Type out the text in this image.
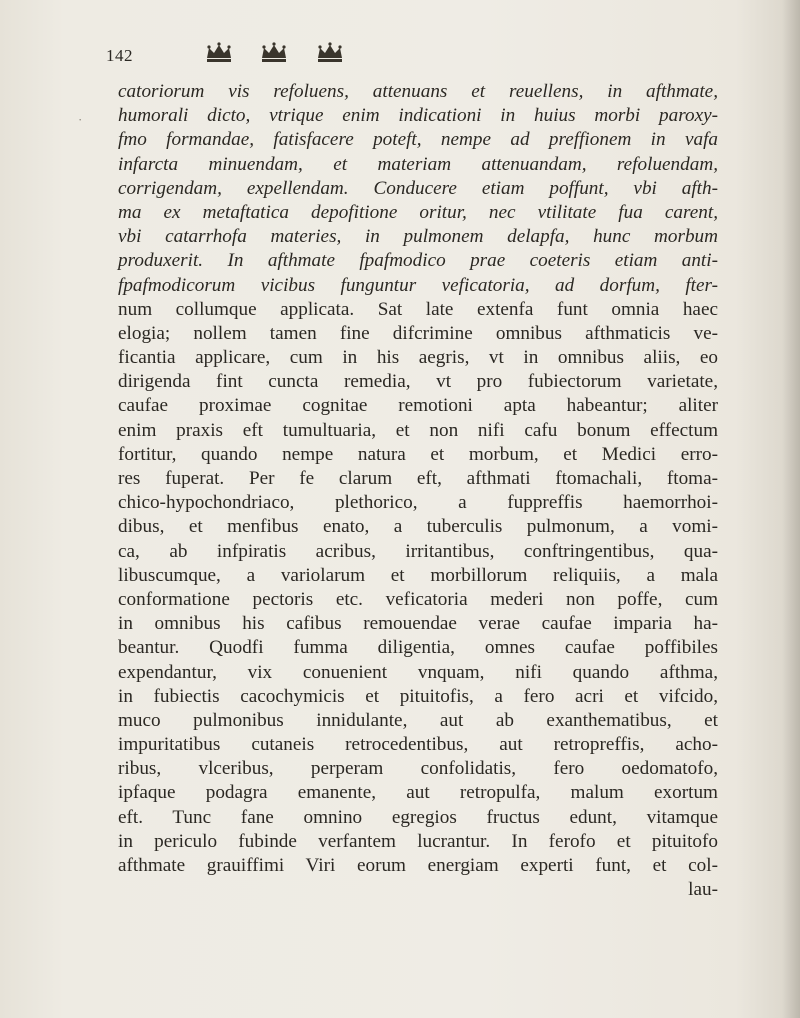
·
142
catoriorum vis refoluens, attenuans et reuellens, in afthmate,
humorali dicto, vtrique enim indicationi in huius morbi paroxy-
fmo formandae, fatisfacere poteft, nempe ad preffionem in vafa
infarcta minuendam, et materiam attenuandam, refoluendam,
corrigendam, expellendam. Conducere etiam poffunt, vbi afth-
ma ex metaftatica depofitione oritur, nec vtilitate fua carent,
vbi catarrhofa materies, in pulmonem delapfa, hunc morbum
produxerit. In afthmate fpafmodico prae coeteris etiam anti-
fpafmodicorum vicibus funguntur veficatoria, ad dorfum, fter-
num collumque applicata. Sat late extenfa funt omnia haec
elogia; nollem tamen fine difcrimine omnibus afthmaticis ve-
ficantia applicare, cum in his aegris, vt in omnibus aliis, eo
dirigenda fint cuncta remedia, vt pro fubiectorum varietate,
caufae proximae cognitae remotioni apta habeantur; aliter
enim praxis eft tumultuaria, et non nifi cafu bonum effectum
fortitur, quando nempe natura et morbum, et Medici erro-
res fuperat. Per fe clarum eft, afthmati ftomachali, ftoma-
chico-hypochondriaco, plethorico, a fuppreffis haemorrhoi-
dibus, et menfibus enato, a tuberculis pulmonum, a vomi-
ca, ab infpiratis acribus, irritantibus, conftringentibus, qua-
libuscumque, a variolarum et morbillorum reliquiis, a mala
conformatione pectoris etc. veficatoria mederi non poffe, cum
in omnibus his cafibus remouendae verae caufae imparia ha-
beantur. Quodfi fumma diligentia, omnes caufae poffibiles
expendantur, vix conuenient vnquam, nifi quando afthma,
in fubiectis cacochymicis et pituitofis, a fero acri et vifcido,
muco pulmonibus innidulante, aut ab exanthematibus, et
impuritatibus cutaneis retrocedentibus, aut retropreffis, acho-
ribus, vlceribus, perperam confolidatis, fero oedomatofo,
ipfaque podagra emanente, aut retropulfa, malum exortum
eft. Tunc fane omnino egregios fructus edunt, vitamque
in periculo fubinde verfantem lucrantur. In ferofo et pituitofo
afthmate grauiffimi Viri eorum energiam experti funt, et col-
lau-
